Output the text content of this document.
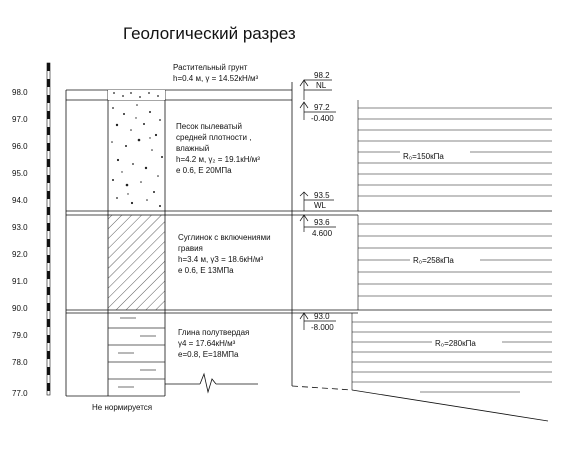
Геологический разрез
98.0
97.0
96.0
95.0
94.0
93.0
92.0
91.0
90.0
79.0
78.0
77.0
R₀=150кПа
R₀=258кПа
R₀=280кПа
Растительный грунт
h=0.4 м, γ = 14.52кН/м³
Песок пылеватый
средней плотности ,
влажный
h=4.2 м, γ₂ = 19.1кН/м³
e 0.6, E 20МПа
Суглинок с включениями
гравия
h=3.4 м, γ3 = 18.6кН/м³
e 0.6, E 13МПа
Глина полутвердая
γ4 = 17.64кН/м³
e=0.8, E=18МПа
98.2
NL
97.2
-0.400
93.5
WL
93.6
4.600
93.0
-8.000
Не нормируется
